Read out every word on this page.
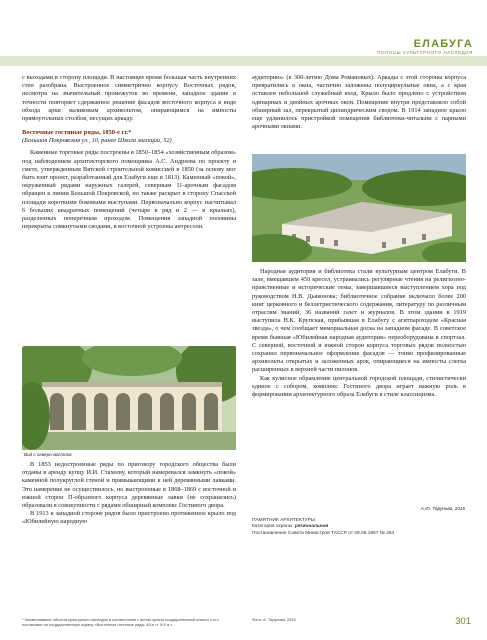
ЕЛАБУГА
ПОЛОСЫ КУЛЬТУРНОГО НАСЛЕДИЯ

с выходами в сторону площади. В настоящее время большая часть внутренних стен разобрана. Выстроенное симметрично корпусу Восточных рядов, несмотря на значительный промежуток во времени, западное здание в точности повторяет сдержанное решение фасадов восточного корпуса в виде обхода арки валиковым архивольтом, опирающимся на импосты прямоугольных столбов, несущих аркаду.

Восточные гостиные ряды, 1850-е гг.*
(Большая Покровская ул., 10, ранее Школа милиции, 52)

Каменные торговые ряды построены в 1850–1854 «хозяйственным образом» под наблюдением архитекторского помощника А.С. Андреева по проекту и смете, утвержденным Вятской строительной комиссией в 1850 (за основу мог быть взят проект, разработанный для Елабуги еще в 1813). Каменный «покой», окруженный рядами наружных галерей, северным 11-арочным фасадом обращен к линии Большой Покровской, но также раскрыт в сторону Спасской площади короткими боковыми выступами. Первоначально корпус насчитывал 6 больших квадратных помещений (четыре в ряд и 2 — в крыльях), разделенных поперечным проходом. Помещения западной половины перекрыты сомкнутыми сводами, в восточной устроены антресоли.

Вид с северо-востока

В 1853 недостроенные ряды по приговору городского общества были отданы в аренду купцу И.И. Стахееву, который намеревался замкнуть «покой» каменной полукруглой стеной и прямыкающими к ней деревянными лавками. Это намерение не осуществилось, но выстроенные в 1868–1869 с восточной и южной сторон П-образного корпуса деревянные лавки (не сохранились) образовали в совокупности с рядами обширный комплекс Гостиного двора.

В 1913 к западной стороне рядов было пристроено протяженное крыло под «Юбилейную народную

аудиторию» (в 300-летию Дома Романовых). Аркады с этой стороны корпуса превратились в окна, частично заложены полуциркульные окна, а с края оставлен небольшой служебный вход. Крыло было продлено с устройством одинарных и двойных арочных окон. Помещение внутри представляло собой обширный зал, перекрытый цилиндрическим сводом. В 1914 западное крыло еще удлинилось пристройкой помещения библиотеки-читальни с парными арочными окнами.

Народная аудитория и библиотека стали культурным центром Елабуги. В зале, вмещавшем 450 кресел, устраивались регулярные чтения на религиозно-нравственные и исторические темы, завершавшиеся выступлением хора под руководством Н.В. Дьяконова; библиотечное собрание включало более 200 книг церковного и беллетристического содержания, литературу по различным отраслям знаний, 36 названий газет и журналов. В этом здании в 1919 выступила Н.К. Крупская, прибывшая в Елабугу с агитпароходом «Красная звезда», о чем сообщает мемориальная доска на западном фасаде. В советское время бывшая «Юбилейная народная аудитория» переоборудована в спортзал. С северной, восточной и южной сторон корпуса торговых рядов полностью сохранил первоначальное оформление фасадов — тонко профилированные архивольты открытых и заложенных арок, опирающиеся на импосты слегка расширенных в верхней части пилонов.

Как кулисное обрамление центральной городской площади, стилистически единое с собором, комплекс Гостиного двора играет важную роль в формировании архитектурного образа Елабуги в стиле классицизма.

А.Ю. Тарунова, 2015
ПАМЯТНИК АРХИТЕКТУРЫ
Категория охраны: региональная
Постановление Совета Министров ТАССР от 08.06.1987 № 264
* Наименование объекта культурного наследия в соответствии с актом органа государственной власти о его постановке на государственную охрану «Восточные гостиные ряды, 40-е гг. XIX в.».
Фото: А. Тарунова, 2015	301
